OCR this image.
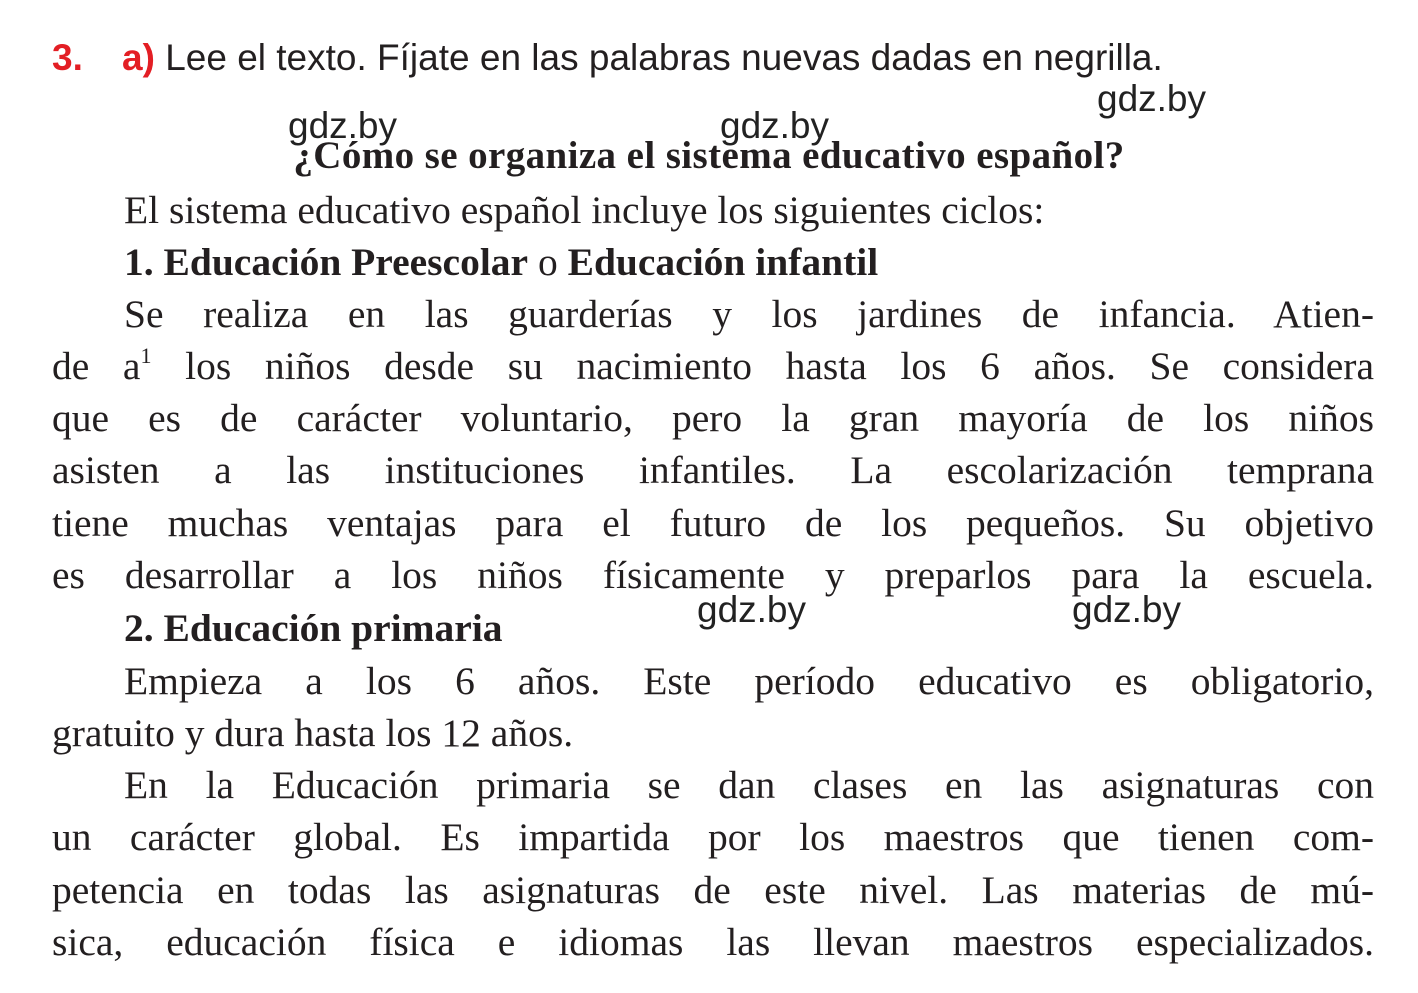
3. a) Lee el texto. Fíjate en las palabras nuevas dadas en negrilla.
¿Cómo se organiza el sistema educativo español?
El sistema educativo español incluye los siguientes ciclos:
1. Educación Preescolar o Educación infantil
Se realiza en las guarderías y los jardines de infancia. Atien-
de $a^1$ los niños desde su nacimiento hasta los 6 años. Se considera
que es de carácter voluntario, pero la gran mayoría de los niños
asisten a las instituciones infantiles. La escolarización temprana
tiene muchas ventajas para el futuro de los pequeños. Su objetivo
es desarrollar a los niños físicamente y preparlos para la escuela.
2. Educación primaria
Empieza a los 6 años. Este período educativo es obligatorio,
gratuito y dura hasta los 12 años.
En la Educación primaria se dan clases en las asignaturas con
un carácter global. Es impartida por los maestros que tienen com-
petencia en todas las asignaturas de este nivel. Las materias de mú-
sica, educación física e idiomas las llevan maestros especializados.
gdz.by
gdz.by	gdz.by
gdz.by	gdz.by
